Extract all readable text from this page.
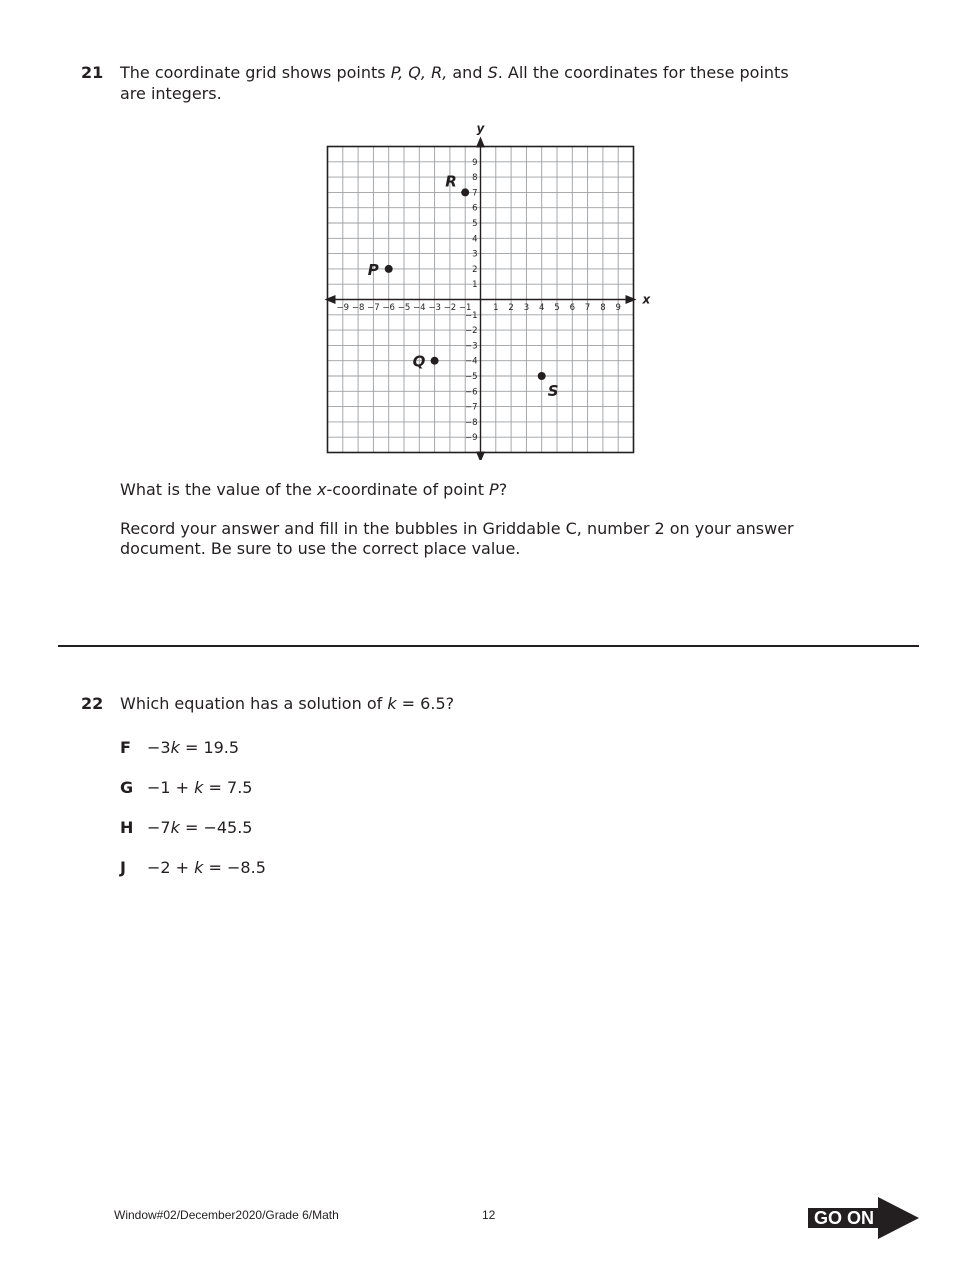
21 The coordinate grid shows points P, Q, R, and S. All the coordinates for these points
are integers.
x
y
−9 −8 −7 −6 −5 −4 −3 −2 −1	1 2 3 4 5 6 7 8 9
9
8
7
6
5
4
3
2
1
−1
−2
−3
−4
−5
−6
−7
−8
−9
P
Q
R
S
What is the value of the x-coordinate of point P?
Record your answer and fill in the bubbles in Griddable C, number 2 on your answer
document. Be sure to use the correct place value.
22 Which equation has a solution of k = 6.5?
F −3k = 19.5
G −1 + k = 7.5
H −7k = −45.5
J −2 + k = −8.5
Window#02/December2020/Grade 6/Math	12	GO ON
